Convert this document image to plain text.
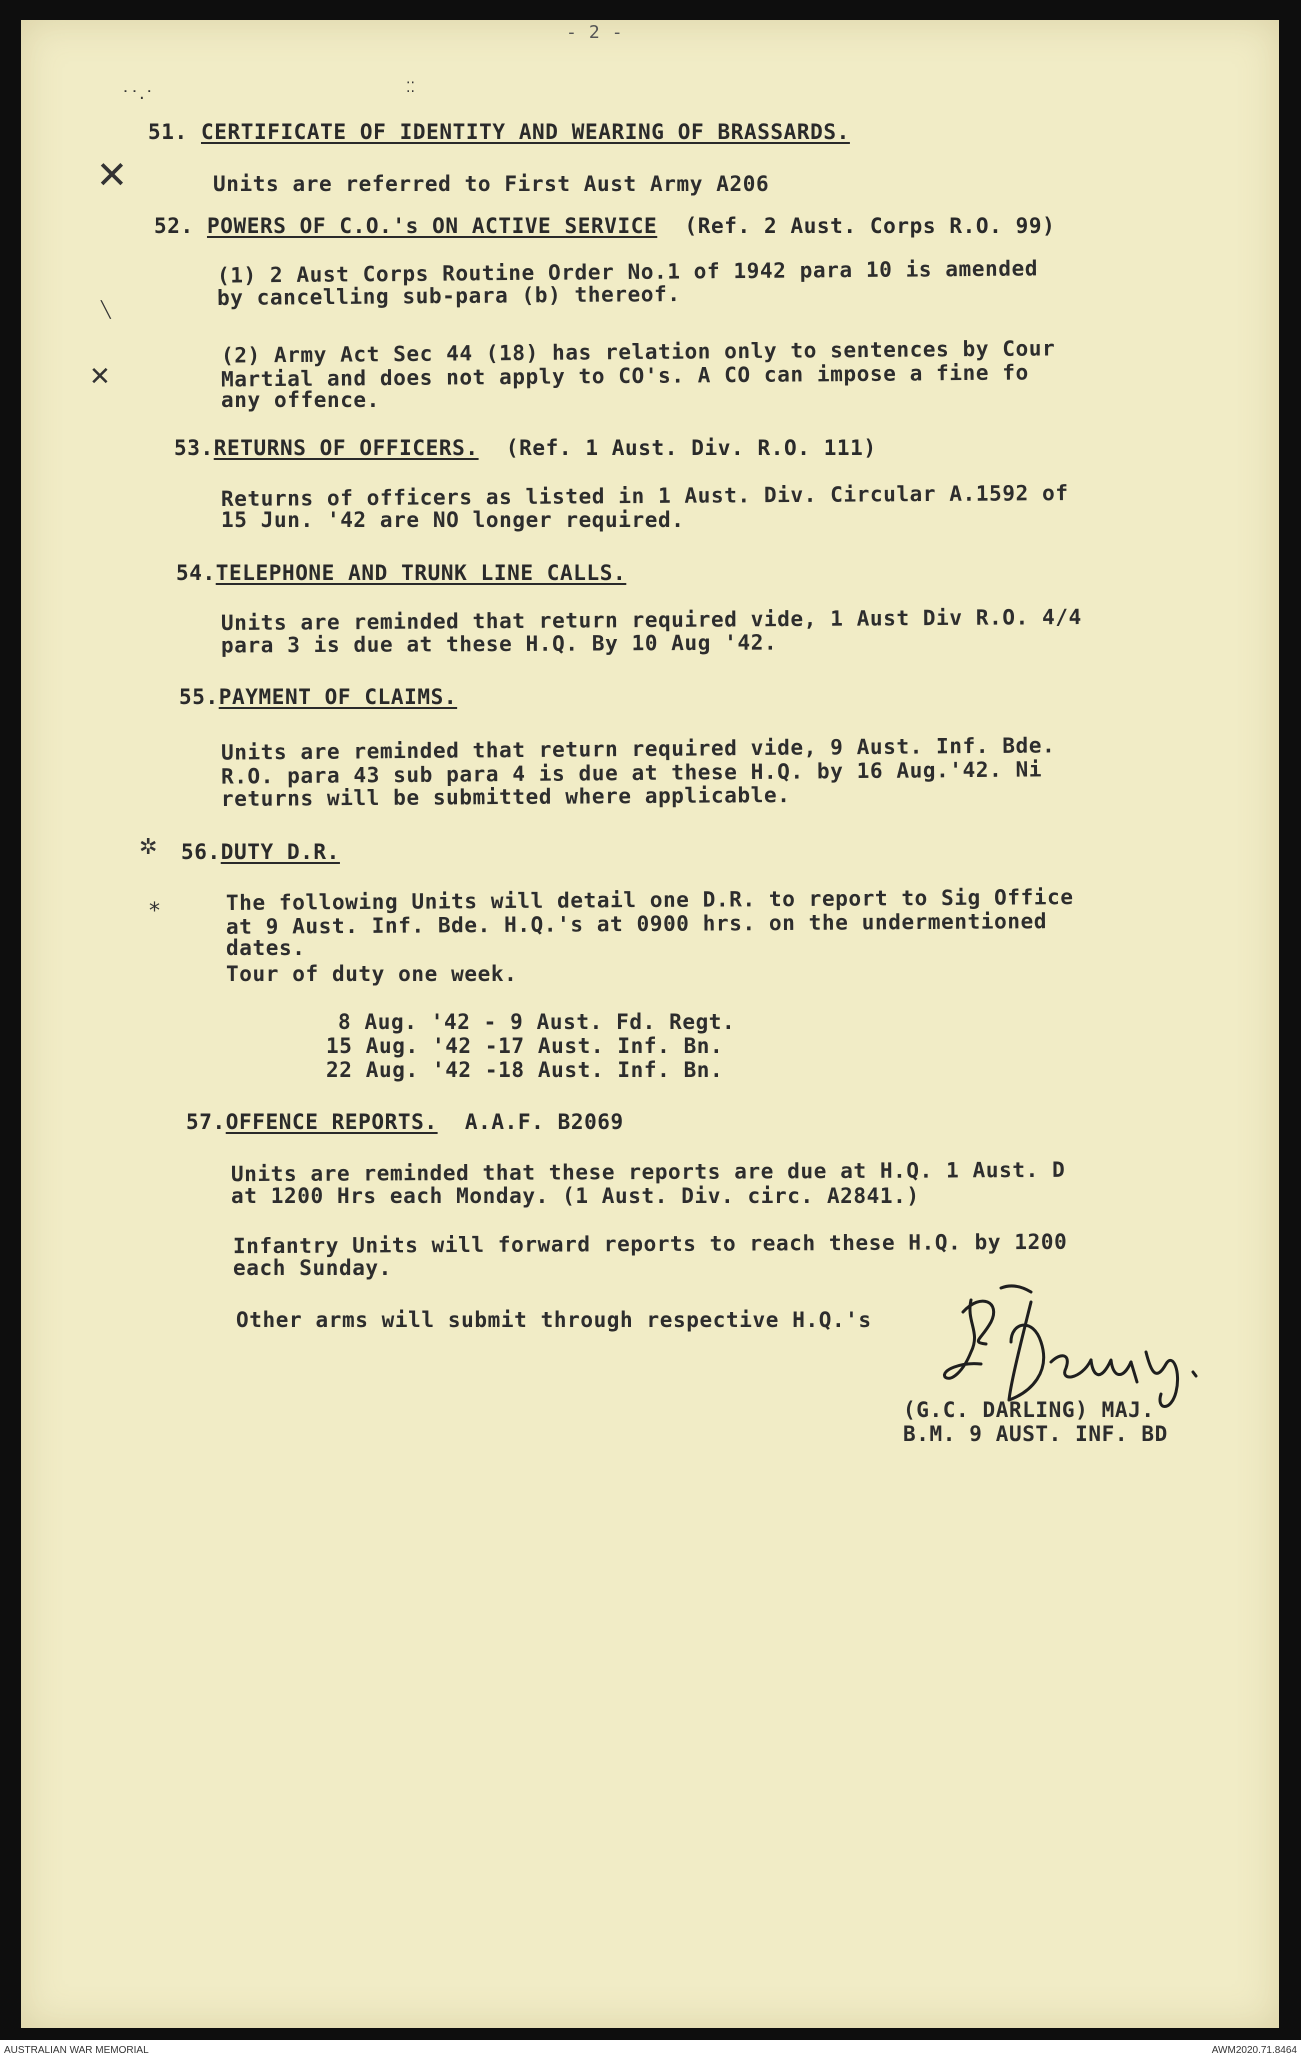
- 2 -
˙˙·˙	⁚⁚
✕
╲
✕
✲
⁎
51. CERTIFICATE OF IDENTITY AND WEARING OF BRASSARDS.
Units are referred to First Aust Army A206
52. POWERS OF C.O.'s ON ACTIVE SERVICE (Ref. 2 Aust. Corps R.O. 99)
(1) 2 Aust Corps Routine Order No.1 of 1942 para 10 is amended
by cancelling sub-para (b) thereof.
(2) Army Act Sec 44 (18) has relation only to sentences by Cour
Martial and does not apply to CO's. A CO can impose a fine fo
any offence.
53.RETURNS OF OFFICERS. (Ref. 1 Aust. Div. R.O. 111)
Returns of officers as listed in 1 Aust. Div. Circular A.1592 of
15 Jun. '42 are NO longer required.
54.TELEPHONE AND TRUNK LINE CALLS.
Units are reminded that return required vide, 1 Aust Div R.O. 4/4
para 3 is due at these H.Q. By 10 Aug '42.
55.PAYMENT OF CLAIMS.
Units are reminded that return required vide, 9 Aust. Inf. Bde.
R.O. para 43 sub para 4 is due at these H.Q. by 16 Aug.'42. Ni
returns will be submitted where applicable.
56.DUTY D.R.
The following Units will detail one D.R. to report to Sig Office
at 9 Aust. Inf. Bde. H.Q.'s at 0900 hrs. on the undermentioned
dates.
Tour of duty one week.
8 Aug. '42 - 9 Aust. Fd. Regt.
15 Aug. '42 -17 Aust. Inf. Bn.
22 Aug. '42 -18 Aust. Inf. Bn.
57.OFFENCE REPORTS. A.A.F. B2069
Units are reminded that these reports are due at H.Q. 1 Aust. D
at 1200 Hrs each Monday. (1 Aust. Div. circ. A2841.)
Infantry Units will forward reports to reach these H.Q. by 1200
each Sunday.
Other arms will submit through respective H.Q.'s
(G.C. DARLING) MAJ.
B.M. 9 AUST. INF. BD
AUSTRALIAN WAR MEMORIAL	AWM2020.71.8464
